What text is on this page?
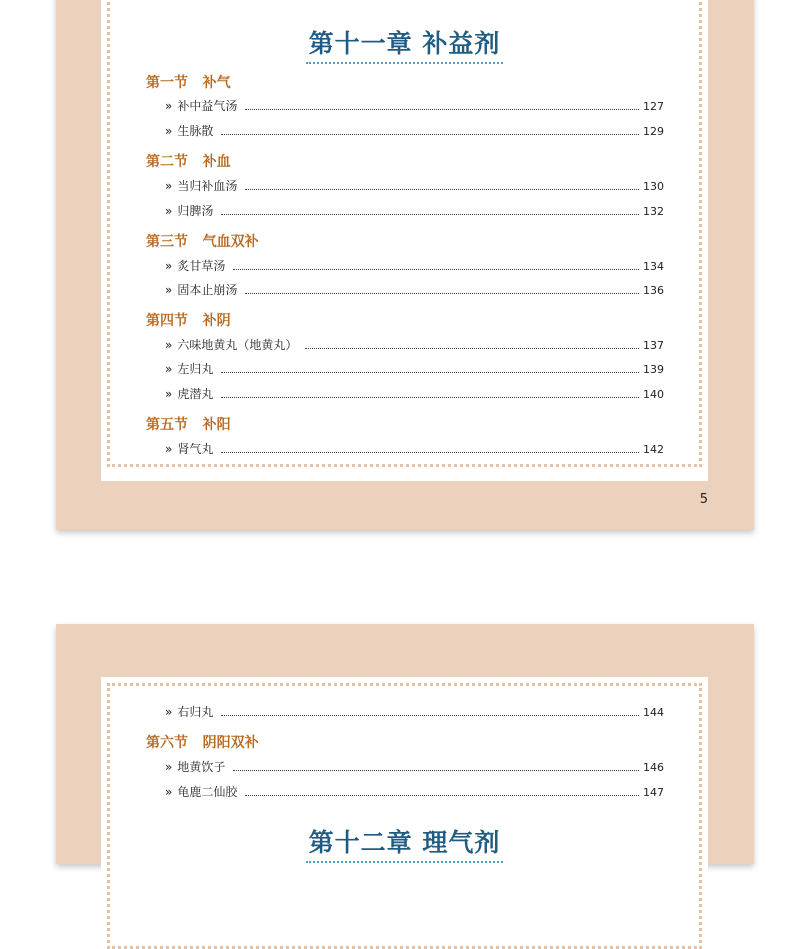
第十一章 补益剂
第一节   补气
» 补中益气汤	127
» 生脉散	129
第二节   补血
» 当归补血汤	130
» 归脾汤	132
第三节   气血双补
» 炙甘草汤	134
» 固本止崩汤	136
第四节   补阴
» 六味地黄丸（地黄丸）	137
» 左归丸	139
» 虎潜丸	140
第五节   补阳
» 肾气丸	142
5
» 右归丸	144
第六节   阴阳双补
» 地黄饮子	146
» 龟鹿二仙胶	147
第十二章 理气剂
